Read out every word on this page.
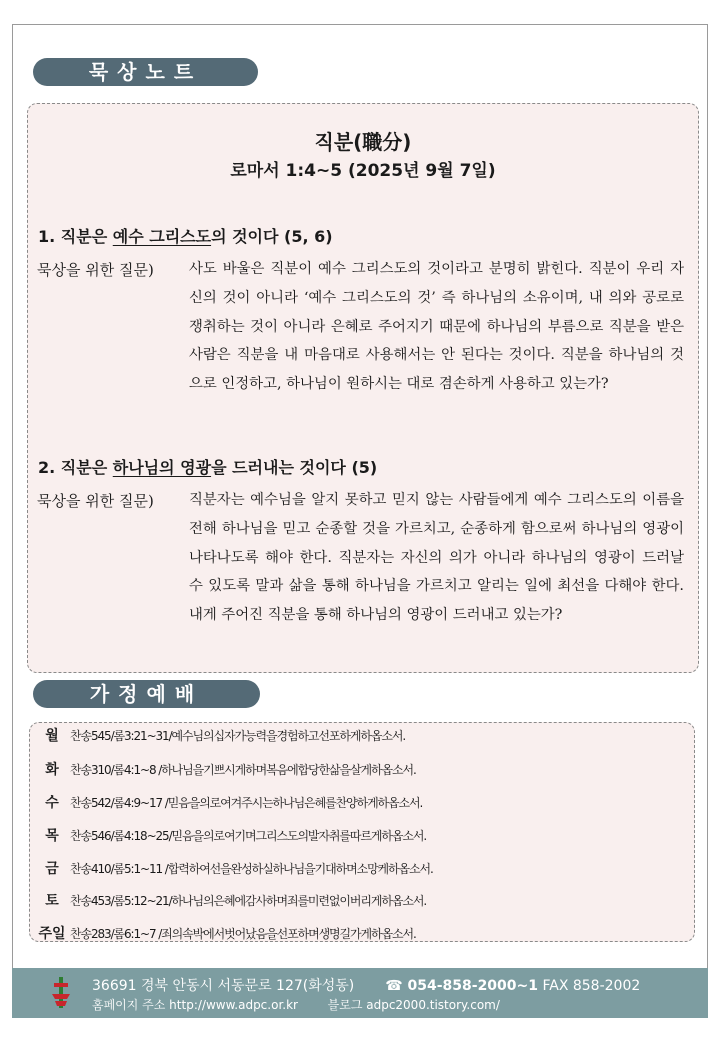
묵상노트
직분(職分)
로마서 1:4~5 (2025년 9월 7일)
1. 직분은 예수 그리스도의 것이다 (5, 6)
묵상을 위한 질문) 사도 바울은 직분이 예수 그리스도의 것이라고 분명히 밝힌다. 직분이 우리 자신의 것이 아니라 ‘예수 그리스도의 것’ 즉 하나님의 소유이며, 내 의와 공로로 쟁취하는 것이 아니라 은혜로 주어지기 때문에 하나님의 부름으로 직분을 받은 사람은 직분을 내 마음대로 사용해서는 안 된다는 것이다. 직분을 하나님의 것으로 인정하고, 하나님이 원하시는 대로 겸손하게 사용하고 있는가?

2. 직분은 하나님의 영광을 드러내는 것이다 (5)
묵상을 위한 질문) 직분자는 예수님을 알지 못하고 믿지 않는 사람들에게 예수 그리스도의 이름을 전해 하나님을 믿고 순종할 것을 가르치고, 순종하게 함으로써 하나님의 영광이 나타나도록 해야 한다. 직분자는 자신의 의가 아니라 하나님의 영광이 드러날 수 있도록 말과 삶을 통해 하나님을 가르치고 알리는 일에 최선을 다해야 한다. 내게 주어진 직분을 통해 하나님의 영광이 드러내고 있는가?

가정예배
월 찬송545/롬3:21~31/예수님의십자가능력을경험하고선포하게하옵소서.
화 찬송310/롬4:1~8 /하나님을기쁘시게하며복음에합당한삶을살게하옵소서.
수 찬송542/롬4:9~17 /믿음을의로여겨주시는하나님은혜를찬양하게하옵소서.
목 찬송546/롬4:18~25/믿음을의로여기며그리스도의발자취를따르게하옵소서.
금 찬송410/롬5:1~11 /합력하여선을완성하실하나님을기대하며소망케하옵소서.
토 찬송453/롬5:12~21/하나님의은혜에감사하며죄를미련없이버리게하옵소서.
주일 찬송283/롬6:1~7 /죄의속박에서벗어났음을선포하며생명길가게하옵소서.
36691 경북 안동시 서동문로 127(화성동) ☎ 054-858-2000~1 FAX 858-2002
홈페이지 주소 http://www.adpc.or.kr 블로그 adpc2000.tistory.com/
